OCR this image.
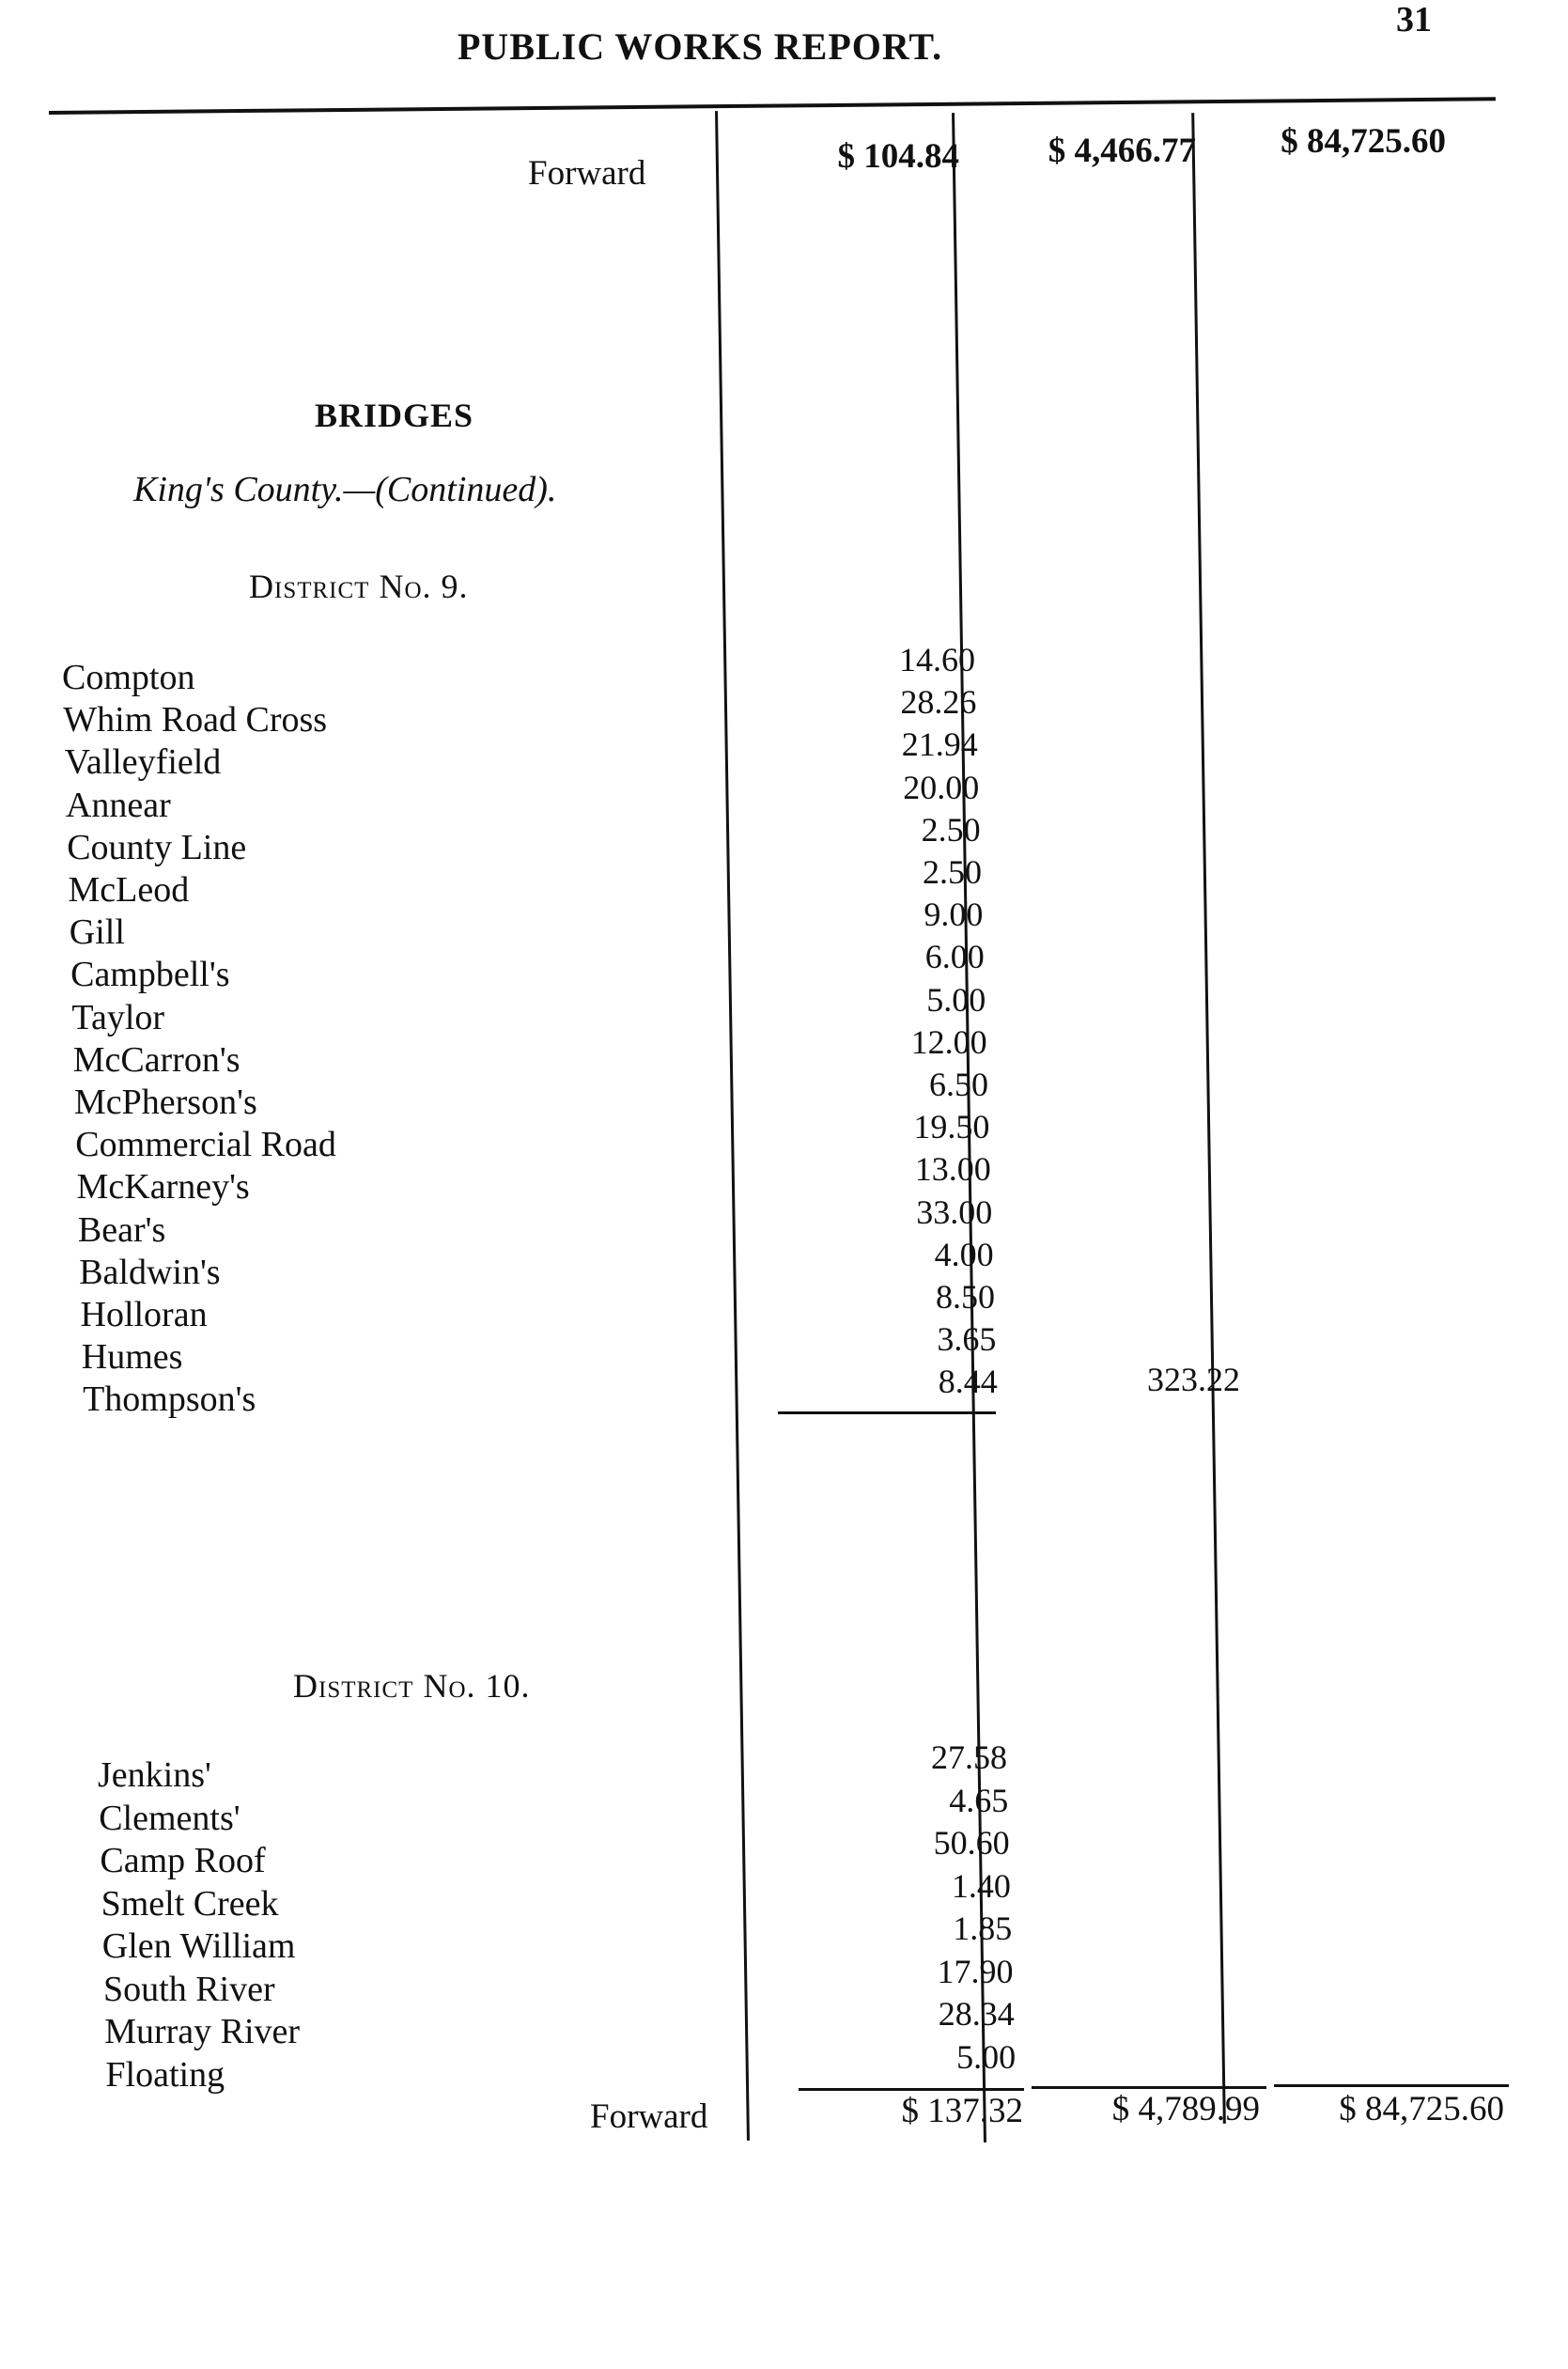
PUBLIC WORKS REPORT.
31
Forward	$ 104.84	$ 4,466.77 $ 84,725.60
BRIDGES
King's County.—(Continued).
District No. 9.
Compton	14.60
Whim Road Cross	28.26
Valleyfield	21.94
Annear	20.00
County Line	2.50
McLeod	2.50
Gill	9.00
Campbell's	6.00
Taylor	5.00
McCarron's	12.00
McPherson's	6.50
Commercial Road	19.50
McKarney's	13.00
Bear's	33.00
Baldwin's	4.00
Holloran	8.50
Humes	3.65
Thompson's	8.44	323.22
District No. 10.
Jenkins'	27.58
Clements'	4.65
Camp Roof	50.60
Smelt Creek	1.40
Glen William	1.85
South River	17.90
Murray River	28.34
Floating	5.00
Forward	$ 137.32	$ 4,789.99 $ 84,725.60
